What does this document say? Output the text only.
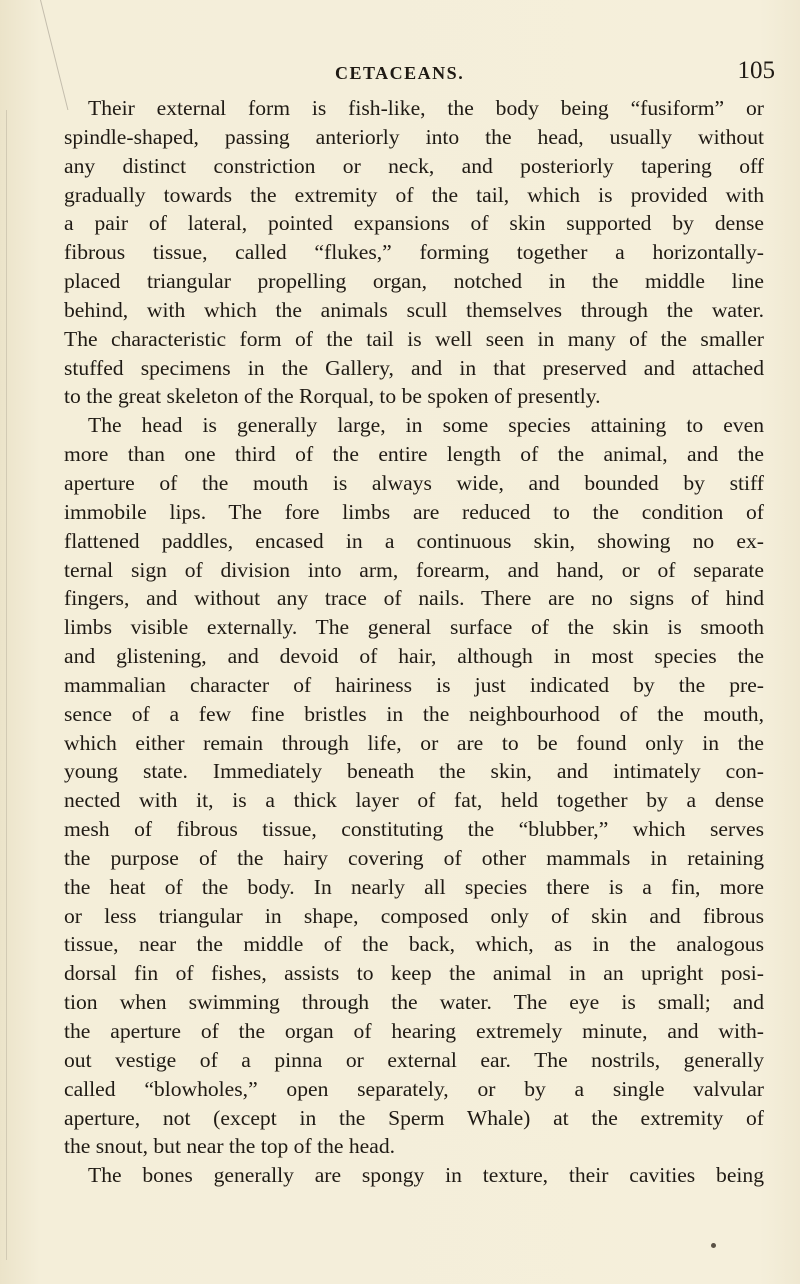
CETACEANS.	105
Their external form is fish-like, the body being “fusiform” or
spindle-shaped, passing anteriorly into the head, usually without
any distinct constriction or neck, and posteriorly tapering off
gradually towards the extremity of the tail, which is provided with
a pair of lateral, pointed expansions of skin supported by dense
fibrous tissue, called “flukes,” forming together a horizontally-
placed triangular propelling organ, notched in the middle line
behind, with which the animals scull themselves through the water.
The characteristic form of the tail is well seen in many of the smaller
stuffed specimens in the Gallery, and in that preserved and attached
to the great skeleton of the Rorqual, to be spoken of presently.
The head is generally large, in some species attaining to even
more than one third of the entire length of the animal, and the
aperture of the mouth is always wide, and bounded by stiff
immobile lips. The fore limbs are reduced to the condition of
flattened paddles, encased in a continuous skin, showing no ex-
ternal sign of division into arm, forearm, and hand, or of separate
fingers, and without any trace of nails. There are no signs of hind
limbs visible externally. The general surface of the skin is smooth
and glistening, and devoid of hair, although in most species the
mammalian character of hairiness is just indicated by the pre-
sence of a few fine bristles in the neighbourhood of the mouth,
which either remain through life, or are to be found only in the
young state. Immediately beneath the skin, and intimately con-
nected with it, is a thick layer of fat, held together by a dense
mesh of fibrous tissue, constituting the “blubber,” which serves
the purpose of the hairy covering of other mammals in retaining
the heat of the body. In nearly all species there is a fin, more
or less triangular in shape, composed only of skin and fibrous
tissue, near the middle of the back, which, as in the analogous
dorsal fin of fishes, assists to keep the animal in an upright posi-
tion when swimming through the water. The eye is small; and
the aperture of the organ of hearing extremely minute, and with-
out vestige of a pinna or external ear. The nostrils, generally
called “blowholes,” open separately, or by a single valvular
aperture, not (except in the Sperm Whale) at the extremity of
the snout, but near the top of the head.
The bones generally are spongy in texture, their cavities being
